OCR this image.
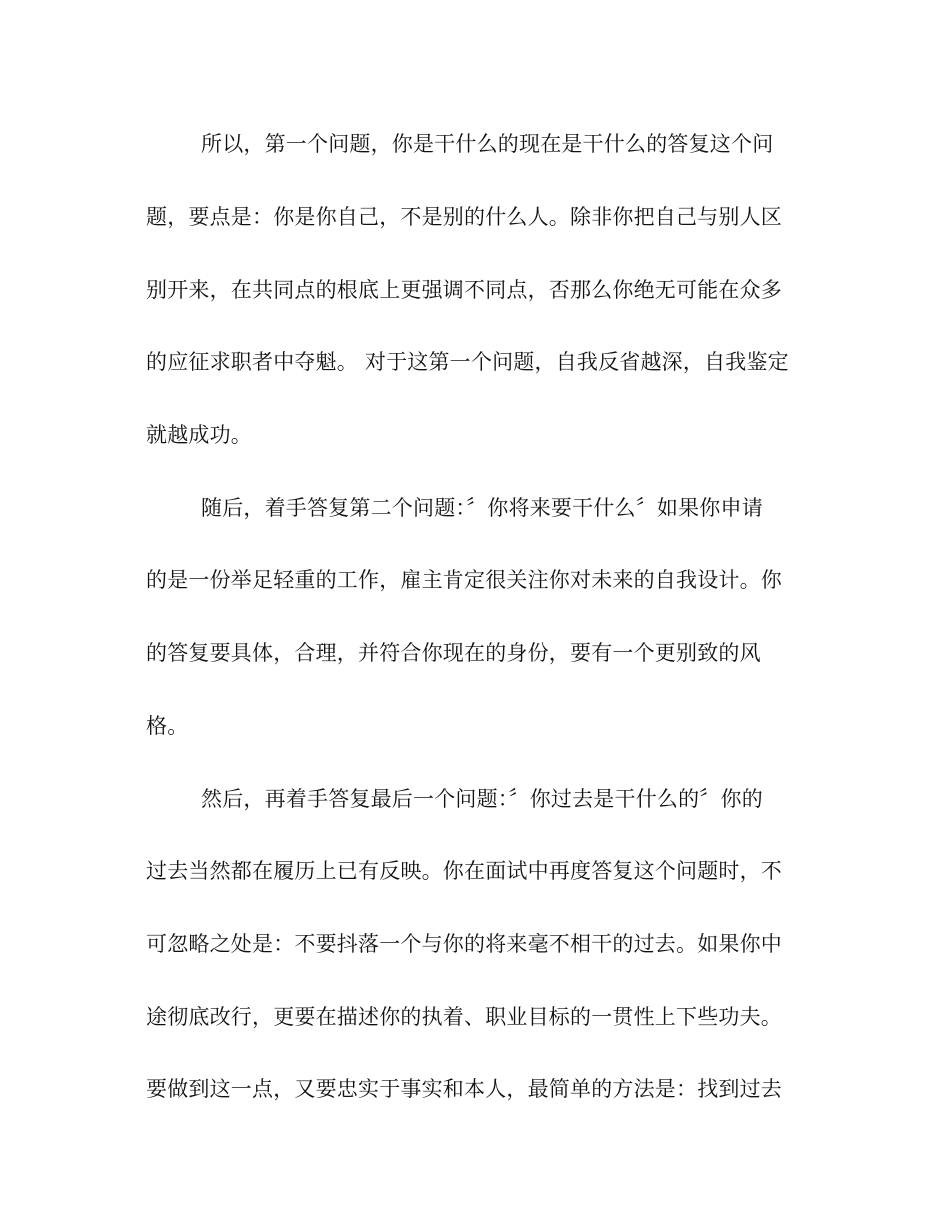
所以，第一个问题，你是干什么的现在是干什么的答复这个问
题，要点是：你是你自己，不是别的什么人。除非你把自己与别人区
别开来，在共同点的根底上更强调不同点，否那么你绝无可能在众多
的应征求职者中夺魁。 对于这第一个问题，自我反省越深，自我鉴定
就越成功。
随后，着手答复第二个问题：〞你将来要干什么〞如果你申请
的是一份举足轻重的工作，雇主肯定很关注你对未来的自我设计。你
的答复要具体，合理，并符合你现在的身份，要有一个更别致的风
格。
然后，再着手答复最后一个问题：〞你过去是干什么的〞你的
过去当然都在履历上已有反映。你在面试中再度答复这个问题时，不
可忽略之处是：不要抖落一个与你的将来毫不相干的过去。如果你中
途彻底改行，更要在描述你的执着、职业目标的一贯性上下些功夫。
要做到这一点，又要忠实于事实和本人，最简单的方法是：找到过去
